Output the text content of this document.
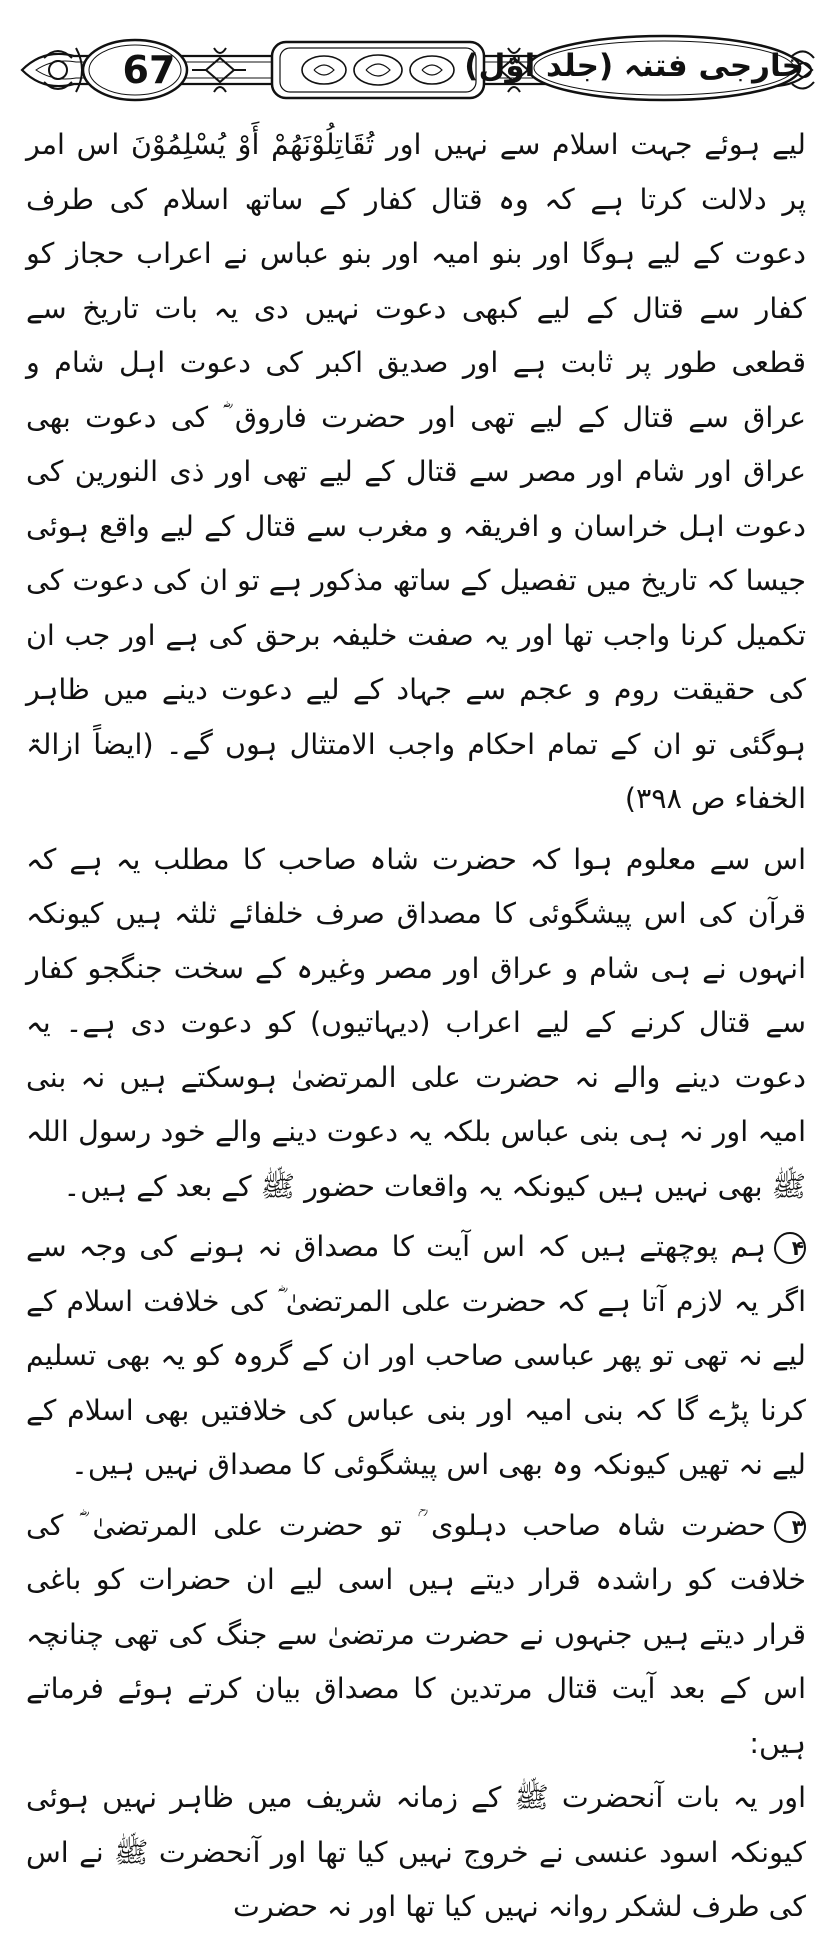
67	خارجی فتنہ (جلد اوّل)

لیے ہوئے جہت اسلام سے نہیں اور تُقَاتِلُوْنَهُمْ أَوْ يُسْلِمُوْنَ اس امر پر دلالت کرتا ہے کہ وہ قتال کفار کے ساتھ اسلام کی طرف دعوت کے لیے ہوگا اور بنو امیہ اور بنو عباس نے اعراب حجاز کو کفار سے قتال کے لیے کبھی دعوت نہیں دی یہ بات تاریخ سے قطعی طور پر ثابت ہے اور صدیق اکبر کی دعوت اہل شام و عراق سے قتال کے لیے تھی اور حضرت فاروق ؓ کی دعوت بھی عراق اور شام اور مصر سے قتال کے لیے تھی اور ذی النورین کی دعوت اہل خراسان و افریقہ و مغرب سے قتال کے لیے واقع ہوئی جیسا کہ تاریخ میں تفصیل کے ساتھ مذکور ہے تو ان کی دعوت کی تکمیل کرنا واجب تھا اور یہ صفت خلیفہ برحق کی ہے اور جب ان کی حقیقت روم و عجم سے جہاد کے لیے دعوت دینے میں ظاہر ہوگئی تو ان کے تمام احکام واجب الامتثال ہوں گے۔ (ایضاً ازالۃ الخفاء ص ۳۹۸)

اس سے معلوم ہوا کہ حضرت شاہ صاحب کا مطلب یہ ہے کہ قرآن کی اس پیشگوئی کا مصداق صرف خلفائے ثلثہ ہیں کیونکہ انہوں نے ہی شام و عراق اور مصر وغیرہ کے سخت جنگجو کفار سے قتال کرنے کے لیے اعراب (دیہاتیوں) کو دعوت دی ہے۔ یہ دعوت دینے والے نہ حضرت علی المرتضیٰ ہوسکتے ہیں نہ بنی امیہ اور نہ ہی بنی عباس بلکہ یہ دعوت دینے والے خود رسول اللہ ﷺ بھی نہیں ہیں کیونکہ یہ واقعات حضور ﷺ کے بعد کے ہیں۔

۴ہم پوچھتے ہیں کہ اس آیت کا مصداق نہ ہونے کی وجہ سے اگر یہ لازم آتا ہے کہ حضرت علی المرتضیٰ ؓ کی خلافت اسلام کے لیے نہ تھی تو پھر عباسی صاحب اور ان کے گروہ کو یہ بھی تسلیم کرنا پڑے گا کہ بنی امیہ اور بنی عباس کی خلافتیں بھی اسلام کے لیے نہ تھیں کیونکہ وہ بھی اس پیشگوئی کا مصداق نہیں ہیں۔

۳حضرت شاہ صاحب دہلوی ؒ تو حضرت علی المرتضیٰ ؓ کی خلافت کو راشدہ قرار دیتے ہیں اسی لیے ان حضرات کو باغی قرار دیتے ہیں جنہوں نے حضرت مرتضیٰ سے جنگ کی تھی چنانچہ اس کے بعد آیت قتال مرتدین کا مصداق بیان کرتے ہوئے فرماتے ہیں:

اور یہ بات آنحضرت ﷺ کے زمانہ شریف میں ظاہر نہیں ہوئی کیونکہ اسود عنسی نے خروج نہیں کیا تھا اور آنحضرت ﷺ نے اس کی طرف لشکر روانہ نہیں کیا تھا اور نہ حضرت
